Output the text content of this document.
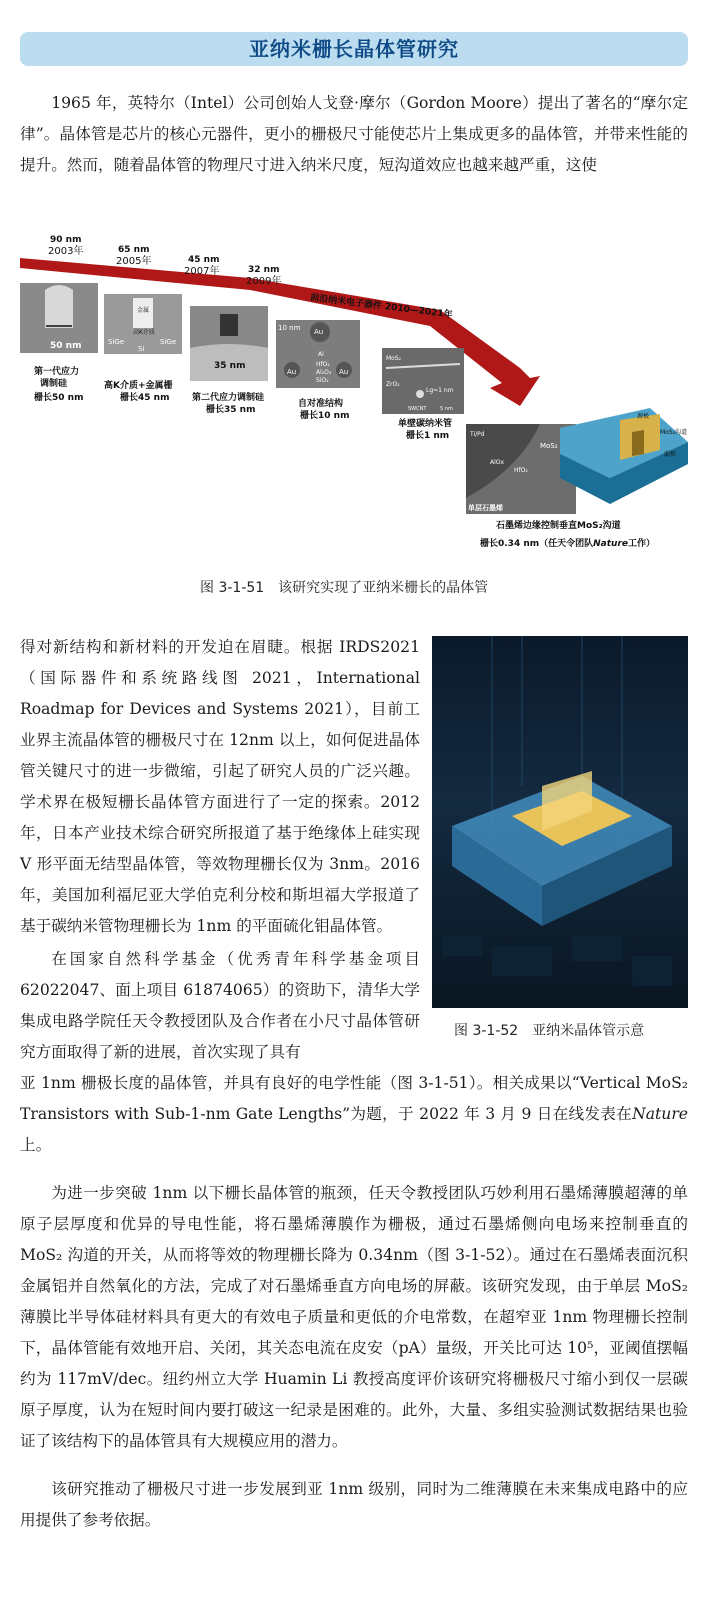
亚纳米栅长晶体管研究

1965 年，英特尔（Intel）公司创始人戈登·摩尔（Gordon Moore）提出了著名的“摩尔定律”。晶体管是芯片的核心元器件，更小的栅极尺寸能使芯片上集成更多的晶体管，并带来性能的提升。然而，随着晶体管的物理尺寸进入纳米尺度，短沟道效应也越来越严重，这使

90 nm
2003年	65 nm
2005年	45 nm
2007年	32 nm
2009年
前沿纳米电子器件 2010—2021年
50 nm
第一代应力
调制硅
栅长50 nm
SiGe	SiGe
Si
高K介质
金属
高K介质+金属栅
栅长45 nm
35 nm
第二代应力调制硅
栅长35 nm
10 nm Au
Au	Au
Al
HfO₂
Al₂O₃
SiO₂
自对准结构
栅长10 nm
MoS₂
ZrO₂
Lg=1 nm
SWCNT	5 nm
单壁碳纳米管
栅长1 nm	Ti/Pd
AlOx
MoS₂
HfO₂
单层石墨烯
源极
MoS₂沟道
漏极
石墨烯边缘控制垂直MoS₂沟道
栅长0.34 nm（任天令团队Nature工作）
图 3-1-51　该研究实现了亚纳米栅长的晶体管

得对新结构和新材料的开发迫在眉睫。根据 IRDS2021（国际器件和系统路线图 2021，International Roadmap for Devices and Systems 2021），目前工业界主流晶体管的栅极尺寸在 12nm 以上，如何促进晶体管关键尺寸的进一步微缩，引起了研究人员的广泛兴趣。学术界在极短栅长晶体管方面进行了一定的探索。2012 年，日本产业技术综合研究所报道了基于绝缘体上硅实现 V 形平面无结型晶体管，等效物理栅长仅为 3nm。2016 年，美国加利福尼亚大学伯克利分校和斯坦福大学报道了基于碳纳米管物理栅长为 1nm 的平面硫化钼晶体管。

在国家自然科学基金（优秀青年科学基金项目 62022047、面上项目 61874065）的资助下，清华大学集成电路学院任天令教授团队及合作者在小尺寸晶体管研究方面取得了新的进展，首次实现了具有

图 3-1-52　亚纳米晶体管示意

亚 1nm 栅极长度的晶体管，并具有良好的电学性能（图 3-1-51）。相关成果以“Vertical MoS₂ Transistors with Sub-1-nm Gate Lengths”为题，于 2022 年 3 月 9 日在线发表在Nature 上。

为进一步突破 1nm 以下栅长晶体管的瓶颈，任天令教授团队巧妙利用石墨烯薄膜超薄的单原子层厚度和优异的导电性能，将石墨烯薄膜作为栅极，通过石墨烯侧向电场来控制垂直的 MoS₂ 沟道的开关，从而将等效的物理栅长降为 0.34nm（图 3-1-52）。通过在石墨烯表面沉积金属铝并自然氧化的方法，完成了对石墨烯垂直方向电场的屏蔽。该研究发现，由于单层 MoS₂ 薄膜比半导体硅材料具有更大的有效电子质量和更低的介电常数，在超窄亚 1nm 物理栅长控制下，晶体管能有效地开启、关闭，其关态电流在皮安（pA）量级，开关比可达 10⁵，亚阈值摆幅约为 117mV/dec。纽约州立大学 Huamin Li 教授高度评价该研究将栅极尺寸缩小到仅一层碳原子厚度，认为在短时间内要打破这一纪录是困难的。此外，大量、多组实验测试数据结果也验证了该结构下的晶体管具有大规模应用的潜力。

该研究推动了栅极尺寸进一步发展到亚 1nm 级别，同时为二维薄膜在未来集成电路中的应用提供了参考依据。
